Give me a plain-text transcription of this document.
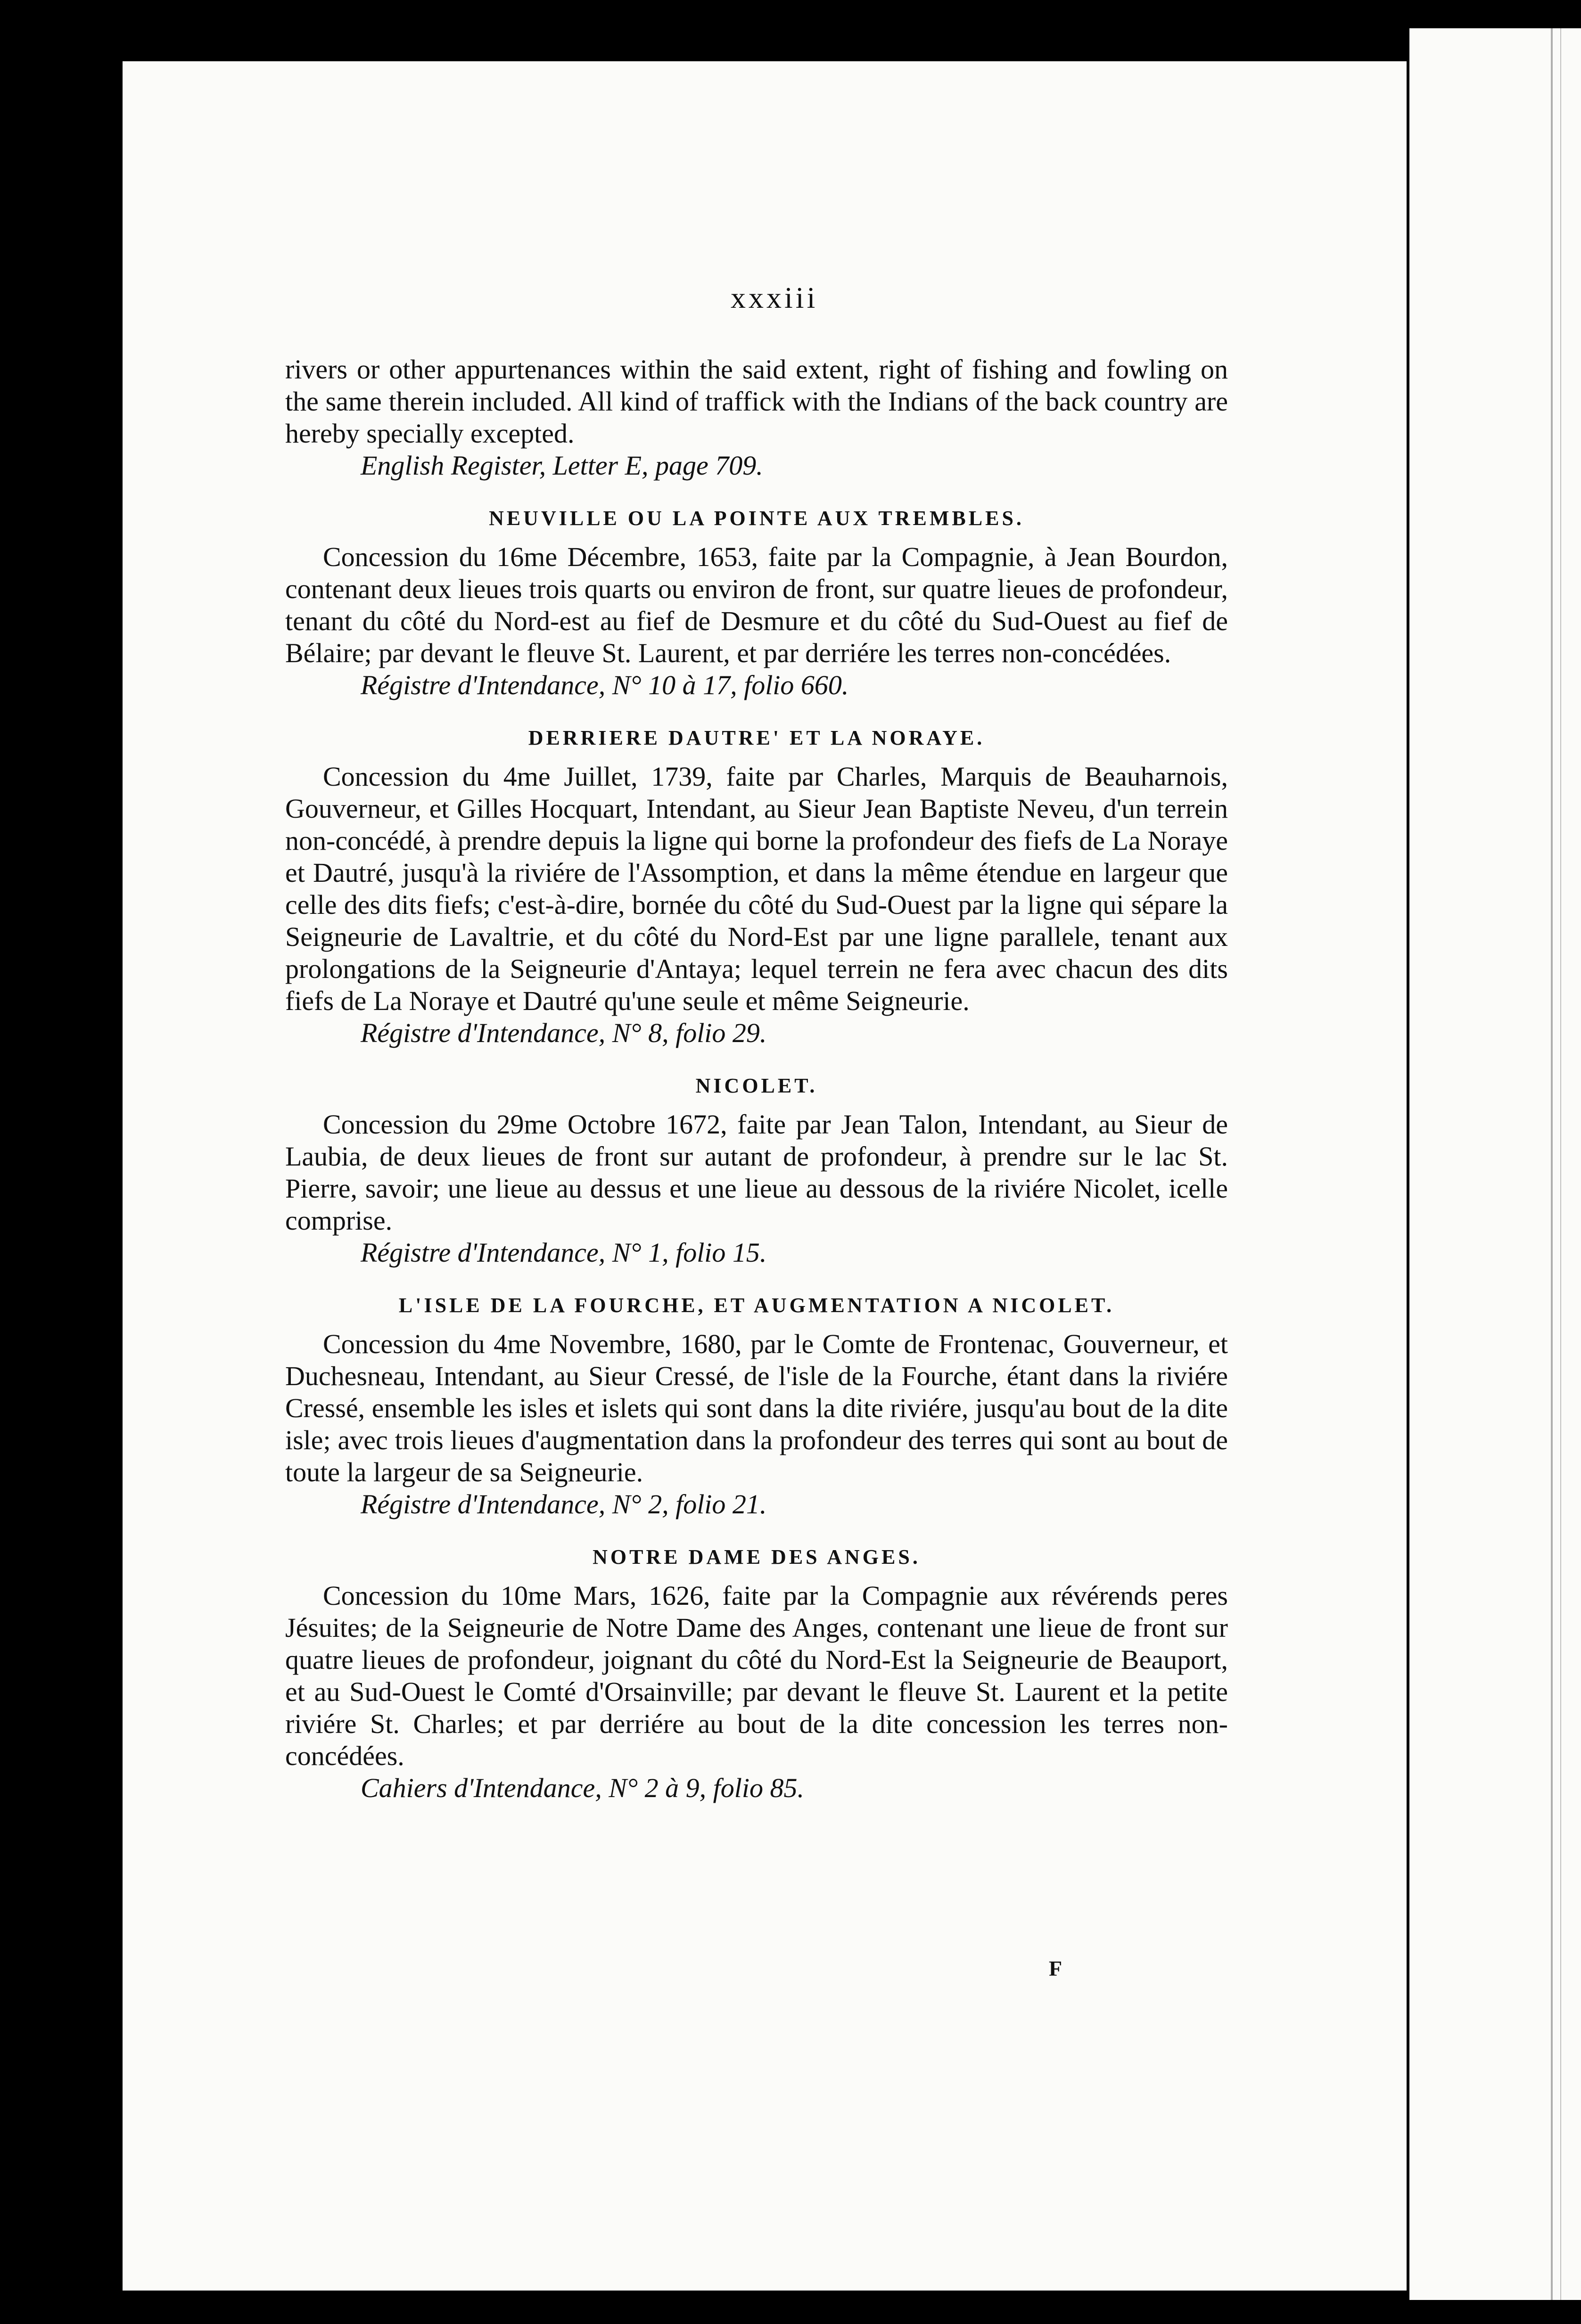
xxxiii

rivers or other appurtenances within the said extent, right of fishing and fowling on the same therein included. All kind of traffick with the Indians of the back country are hereby specially excepted.

English Register, Letter E, page 709.

NEUVILLE OU LA POINTE AUX TREMBLES.

Concession du 16me Décembre, 1653, faite par la Compagnie, à Jean Bourdon, contenant deux lieues trois quarts ou environ de front, sur quatre lieues de profondeur, tenant du côté du Nord-est au fief de Desmure et du côté du Sud-Ouest au fief de Bélaire; par devant le fleuve St. Laurent, et par derriére les terres non-concédées.

Régistre d'Intendance, N° 10 à 17, folio 660.

DERRIERE DAUTRE' ET LA NORAYE.

Concession du 4me Juillet, 1739, faite par Charles, Marquis de Beauharnois, Gouverneur, et Gilles Hocquart, Intendant, au Sieur Jean Baptiste Neveu, d'un terrein non-concédé, à prendre depuis la ligne qui borne la profondeur des fiefs de La Noraye et Dautré, jusqu'à la riviére de l'Assomption, et dans la même étendue en largeur que celle des dits fiefs; c'est-à-dire, bornée du côté du Sud-Ouest par la ligne qui sépare la Seigneurie de Lavaltrie, et du côté du Nord-Est par une ligne parallele, tenant aux prolongations de la Seigneurie d'Antaya; lequel terrein ne fera avec chacun des dits fiefs de La Noraye et Dautré qu'une seule et même Seigneurie.

Régistre d'Intendance, N° 8, folio 29.

NICOLET.

Concession du 29me Octobre 1672, faite par Jean Talon, Intendant, au Sieur de Laubia, de deux lieues de front sur autant de profondeur, à prendre sur le lac St. Pierre, savoir; une lieue au dessus et une lieue au dessous de la riviére Nicolet, icelle comprise.

Régistre d'Intendance, N° 1, folio 15.

L'ISLE DE LA FOURCHE, ET AUGMENTATION A NICOLET.

Concession du 4me Novembre, 1680, par le Comte de Frontenac, Gouverneur, et Duchesneau, Intendant, au Sieur Cressé, de l'isle de la Fourche, étant dans la riviére Cressé, ensemble les isles et islets qui sont dans la dite riviére, jusqu'au bout de la dite isle; avec trois lieues d'augmentation dans la profondeur des terres qui sont au bout de toute la largeur de sa Seigneurie.

Régistre d'Intendance, N° 2, folio 21.

NOTRE DAME DES ANGES.

Concession du 10me Mars, 1626, faite par la Compagnie aux révérends peres Jésuites; de la Seigneurie de Notre Dame des Anges, contenant une lieue de front sur quatre lieues de profondeur, joignant du côté du Nord-Est la Seigneurie de Beauport, et au Sud-Ouest le Comté d'Orsainville; par devant le fleuve St. Laurent et la petite riviére St. Charles; et par derriére au bout de la dite concession les terres non-concédées.

Cahiers d'Intendance, N° 2 à 9, folio 85.

F
